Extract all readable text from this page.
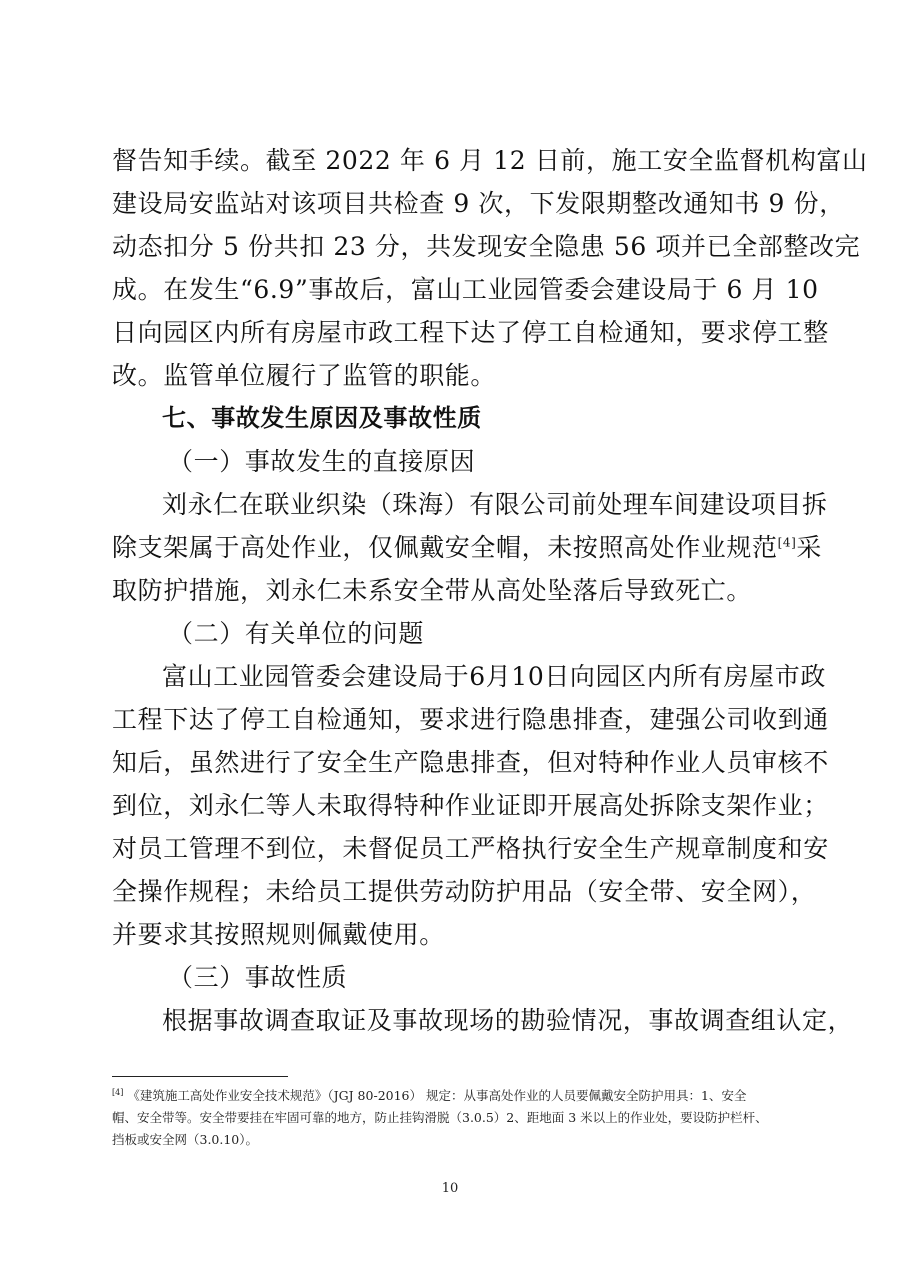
督告知手续。截至 2022 年 6 月 12 日前，施工安全监督机构富山
建设局安监站对该项目共检查 9 次，下发限期整改通知书 9 份，
动态扣分 5 份共扣 23 分，共发现安全隐患 56 项并已全部整改完
成。在发生“6.9”事故后，富山工业园管委会建设局于 6 月 10
日向园区内所有房屋市政工程下达了停工自检通知，要求停工整
改。监管单位履行了监管的职能。
七、事故发生原因及事故性质
（一）事故发生的直接原因
刘永仁在联业织染（珠海）有限公司前处理车间建设项目拆
除支架属于高处作业，仅佩戴安全帽，未按照高处作业规范[4]采
取防护措施，刘永仁未系安全带从高处坠落后导致死亡。
（二）有关单位的问题
富山工业园管委会建设局于6月10日向园区内所有房屋市政
工程下达了停工自检通知，要求进行隐患排查，建强公司收到通
知后，虽然进行了安全生产隐患排查，但对特种作业人员审核不
到位，刘永仁等人未取得特种作业证即开展高处拆除支架作业；
对员工管理不到位，未督促员工严格执行安全生产规章制度和安
全操作规程；未给员工提供劳动防护用品（安全带、安全网），
并要求其按照规则佩戴使用。
（三）事故性质
根据事故调查取证及事故现场的勘验情况，事故调查组认定，
[4] 《建筑施工高处作业安全技术规范》（JGJ 80-2016） 规定：从事高处作业的人员要佩戴安全防护用具：1、安全
帽、安全带等。安全带要挂在牢固可靠的地方，防止挂钩滑脱（3.0.5）2、距地面 3 米以上的作业处，要设防护栏杆、
挡板或安全网（3.0.10）。
10
